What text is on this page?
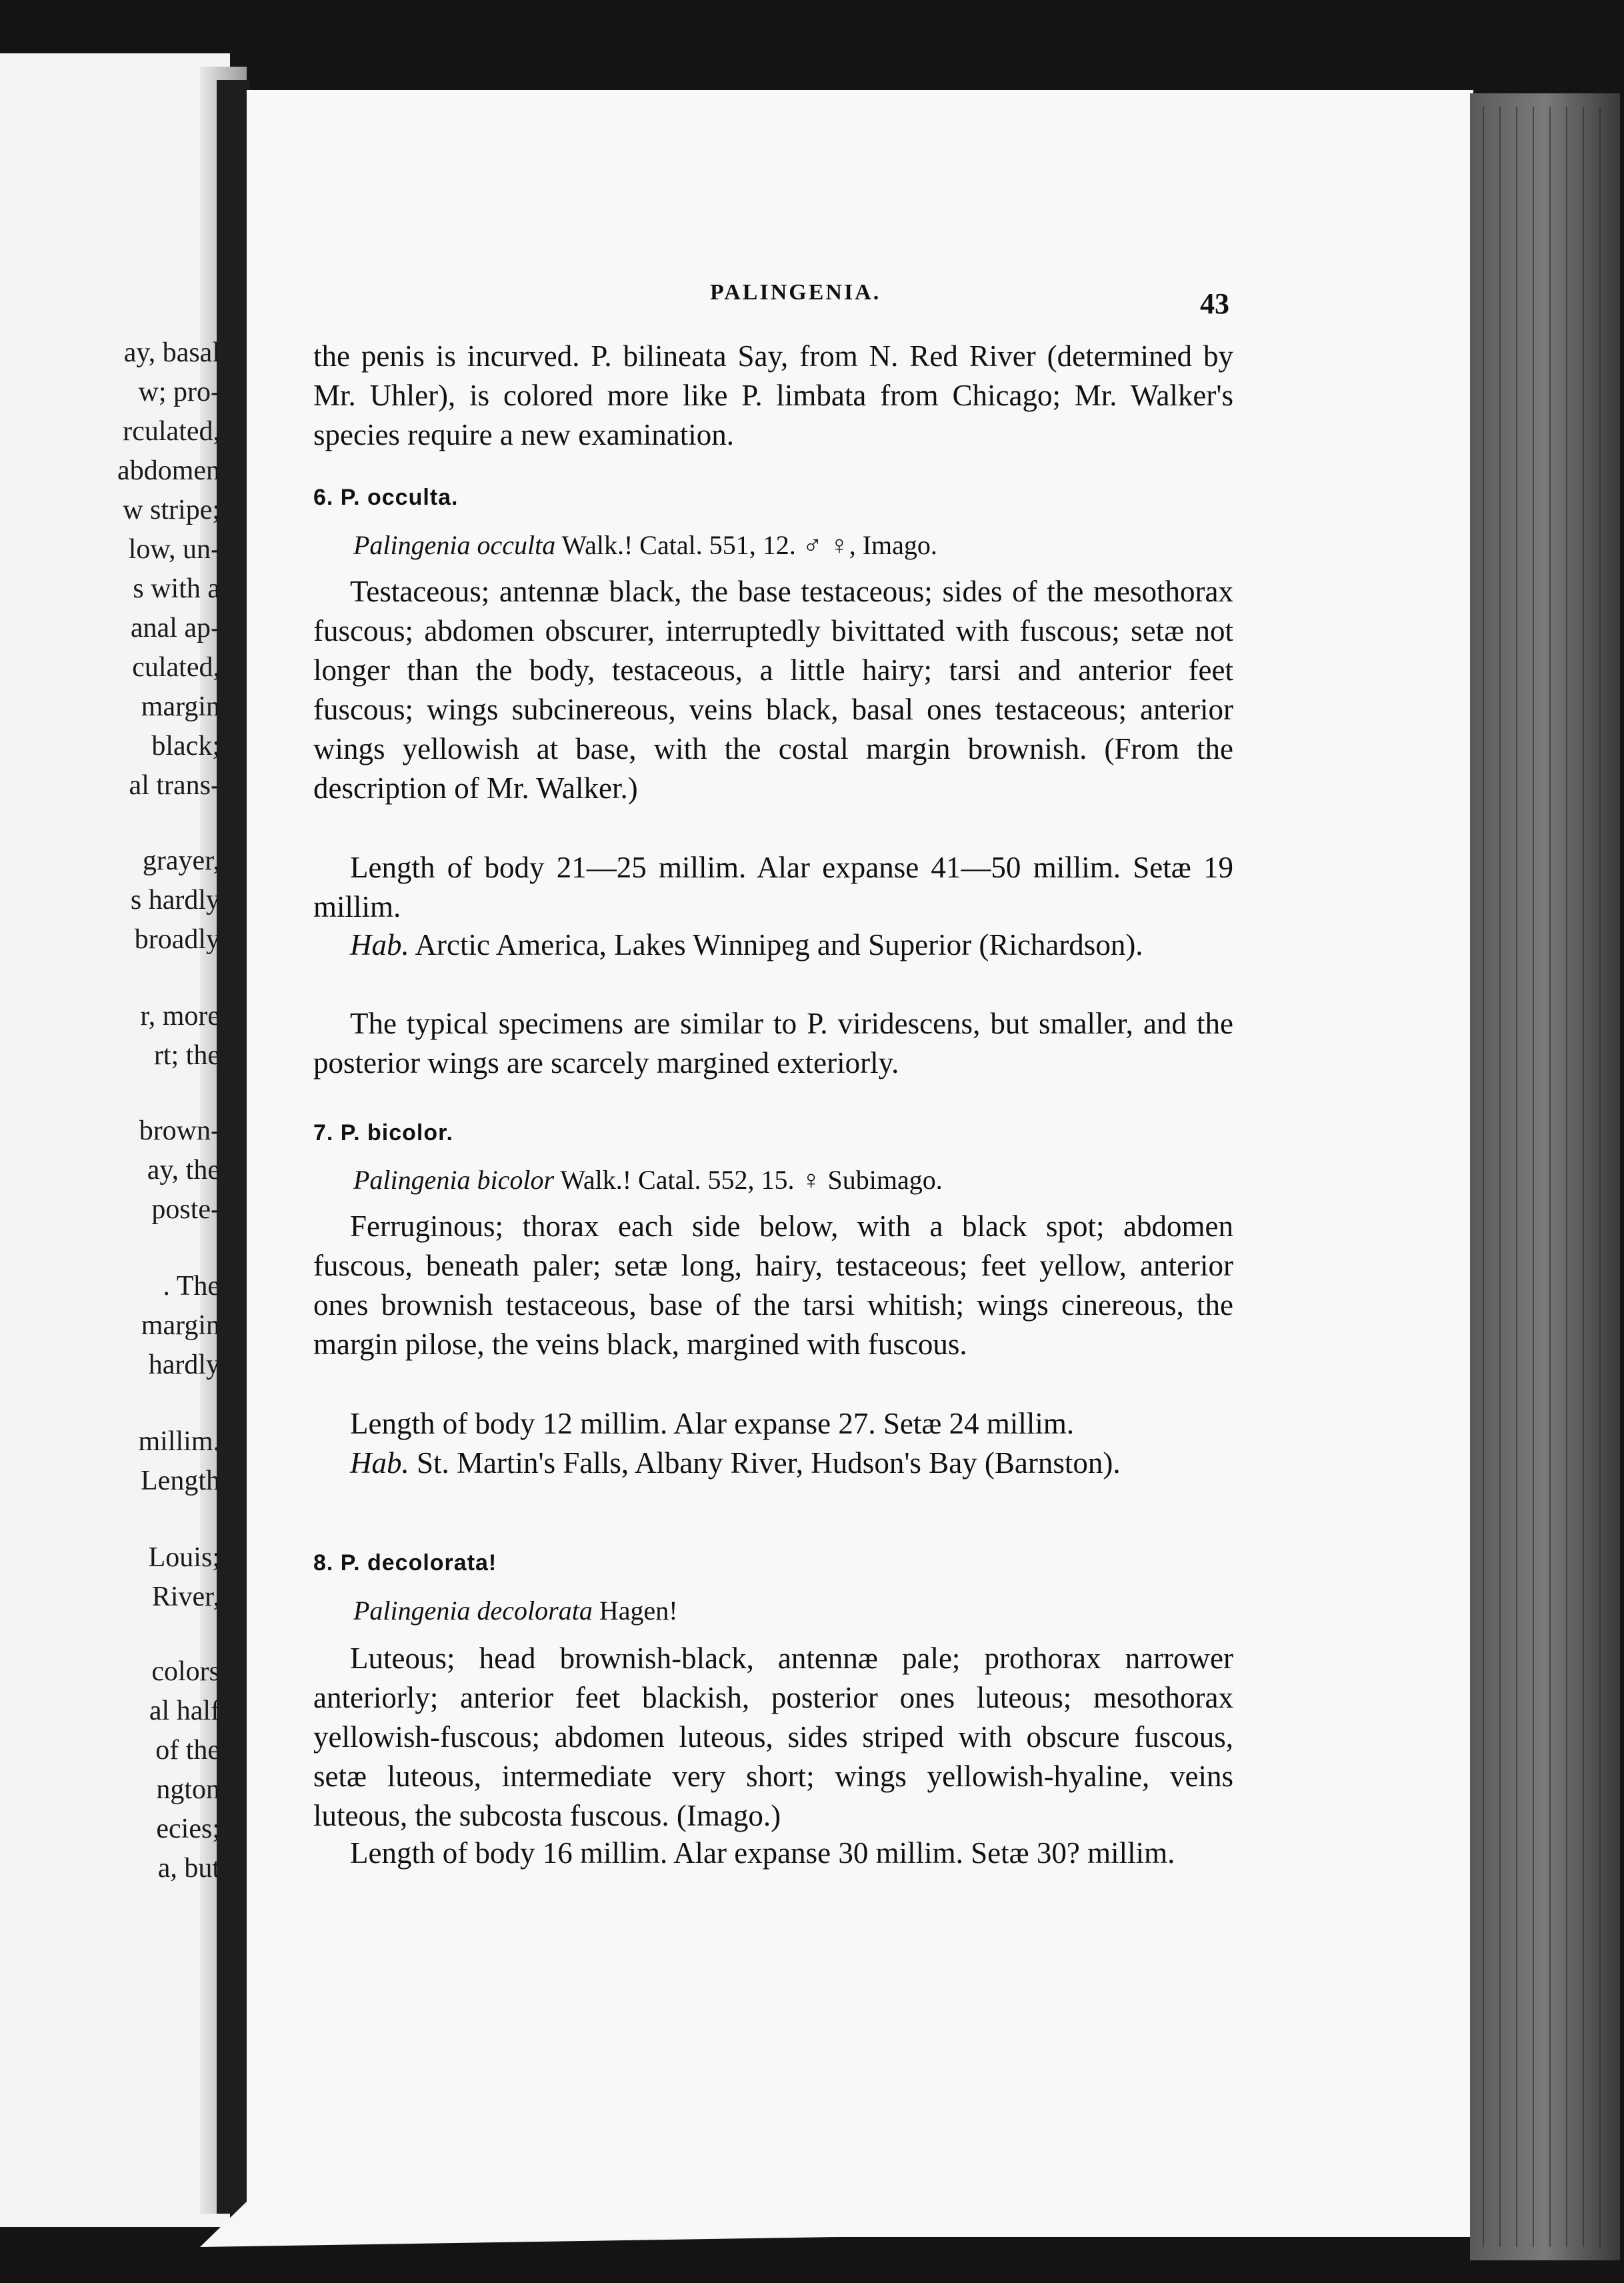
ay, basal
w; pro-
rculated,
abdomen
w stripe;
low, un-
s with a
anal ap-
culated,
margin
black;
al trans-
grayer,
s hardly
broadly
r, more
rt; the
brown-
ay, the
poste-
. The
margin
hardly
millim.
Length
Louis;
River,
colors
al half
of the
ngton
ecies;
a, but
PALINGENIA.	43
the penis is incurved. P. bilineata Say, from N. Red River (determined by Mr. Uhler), is colored more like P. limbata from Chicago; Mr. Walker's species require a new examination.
6. P. occulta.
Palingenia occulta Walk.! Catal. 551, 12. ♂ ♀, Imago.
Testaceous; antennæ black, the base testaceous; sides of the mesothorax fuscous; abdomen obscurer, interruptedly bivittated with fuscous; setæ not longer than the body, testaceous, a little hairy; tarsi and anterior feet fuscous; wings subcinereous, veins black, basal ones testaceous; anterior wings yellowish at base, with the costal margin brownish. (From the description of Mr. Walker.)
Length of body 21—25 millim. Alar expanse 41—50 millim. Setæ 19 millim.
Hab. Arctic America, Lakes Winnipeg and Superior (Richardson).
The typical specimens are similar to P. viridescens, but smaller, and the posterior wings are scarcely margined exteriorly.
7. P. bicolor.
Palingenia bicolor Walk.! Catal. 552, 15. ♀ Subimago.
Ferruginous; thorax each side below, with a black spot; abdomen fuscous, beneath paler; setæ long, hairy, testaceous; feet yellow, anterior ones brownish testaceous, base of the tarsi whitish; wings cinereous, the margin pilose, the veins black, margined with fuscous.
Length of body 12 millim. Alar expanse 27. Setæ 24 millim.
Hab. St. Martin's Falls, Albany River, Hudson's Bay (Barnston).
8. P. decolorata!
Palingenia decolorata Hagen!
Luteous; head brownish-black, antennæ pale; prothorax narrower anteriorly; anterior feet blackish, posterior ones luteous; mesothorax yellowish-fuscous; abdomen luteous, sides striped with obscure fuscous, setæ luteous, intermediate very short; wings yellowish-hyaline, veins luteous, the subcosta fuscous. (Imago.)
Length of body 16 millim. Alar expanse 30 millim. Setæ 30? millim.
